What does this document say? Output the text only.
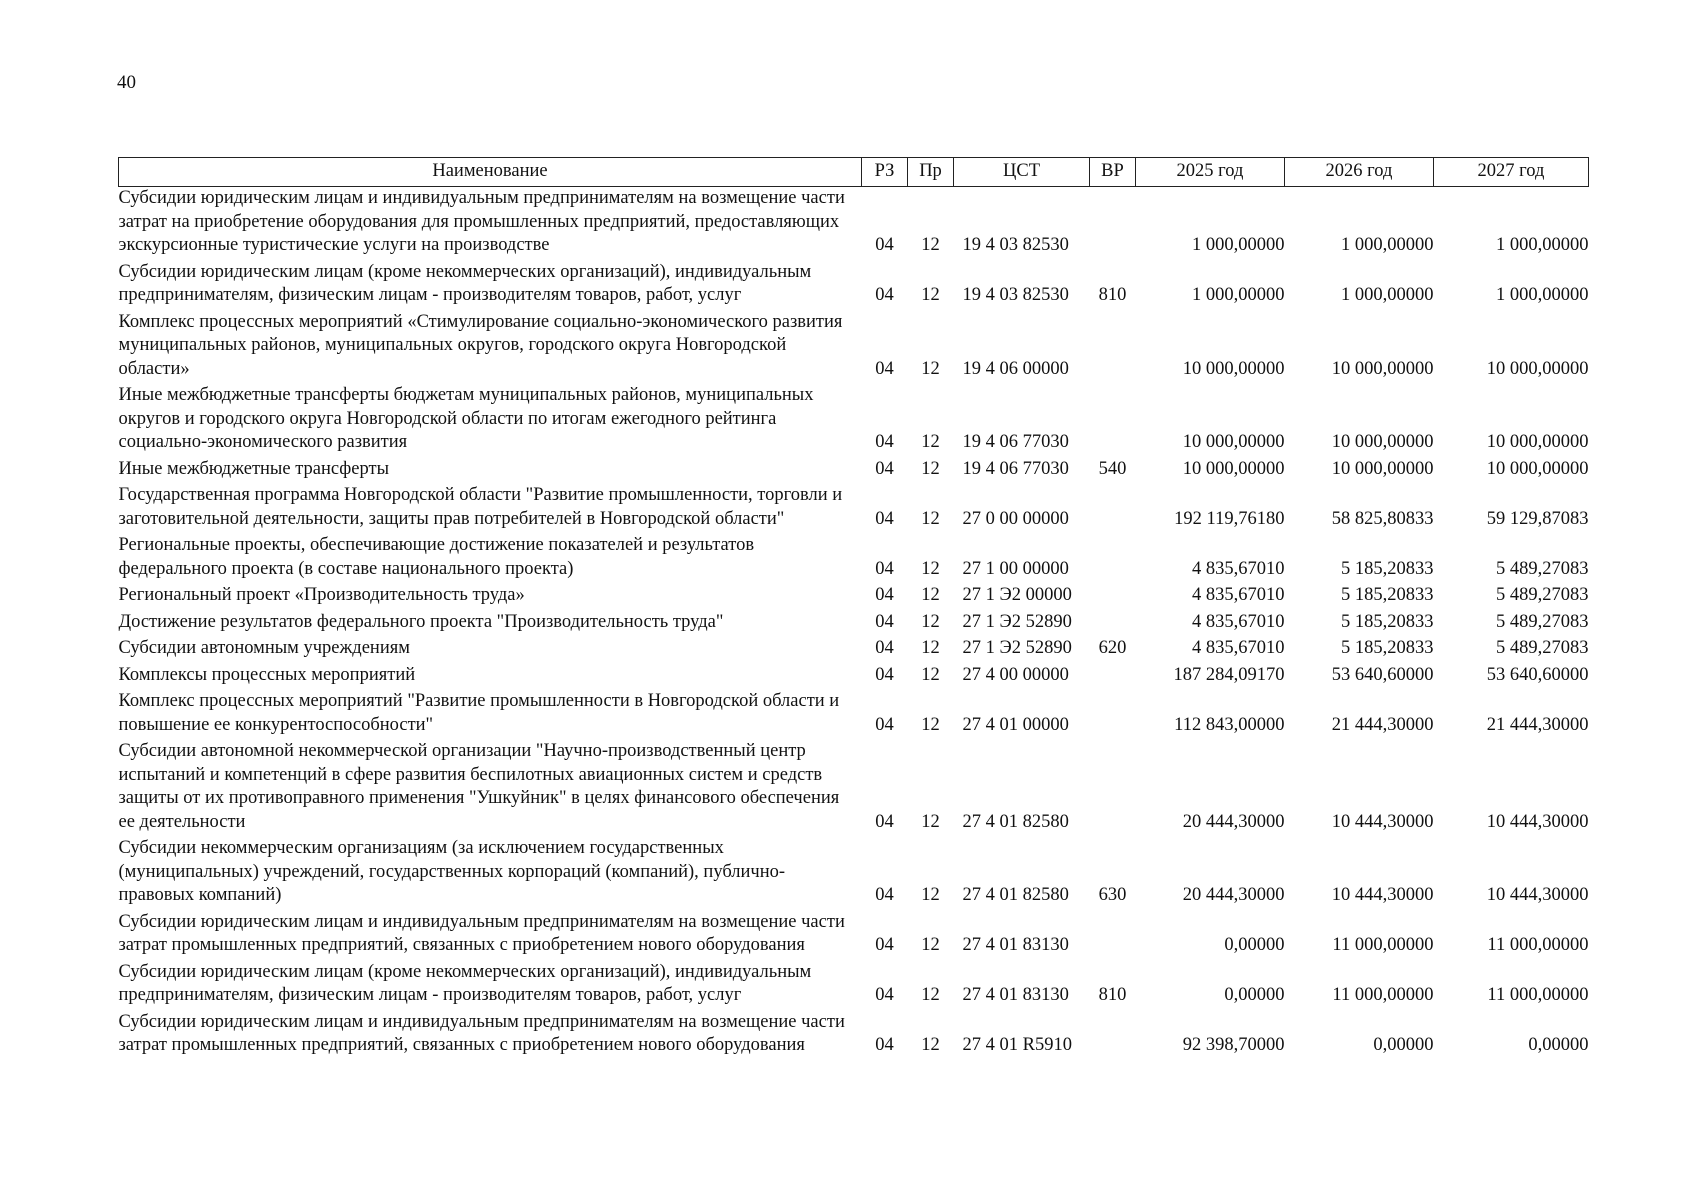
40
Наименование	РЗ	Пр	ЦСТ	ВР	2025 год	2026 год	2027 год
Субсидии юридическим лицам и индивидуальным предпринимателям на возмещение части затрат на приобретение оборудования для промышленных предприятий, предоставляющих экскурсионные туристические услуги на производстве	04	12	19 4 03 82530		1 000,00000	1 000,00000	1 000,00000
Субсидии юридическим лицам (кроме некоммерческих организаций), индивидуальным предпринимателям, физическим лицам - производителям товаров, работ, услуг	04	12	19 4 03 82530	810	1 000,00000	1 000,00000	1 000,00000
Комплекс процессных мероприятий «Стимулирование социально-экономического развития муниципальных районов, муниципальных округов, городского округа Новгородской области»	04	12	19 4 06 00000		10 000,00000	10 000,00000	10 000,00000
Иные межбюджетные трансферты бюджетам муниципальных районов, муниципальных округов и городского округа Новгородской области по итогам ежегодного рейтинга социально-экономического развития	04	12	19 4 06 77030		10 000,00000	10 000,00000	10 000,00000
Иные межбюджетные трансферты	04	12	19 4 06 77030	540	10 000,00000	10 000,00000	10 000,00000
Государственная программа Новгородской области "Развитие промышленности, торговли и заготовительной деятельности, защиты прав потребителей в Новгородской области"	04	12	27 0 00 00000		192 119,76180	58 825,80833	59 129,87083
Региональные проекты, обеспечивающие достижение показателей и результатов федерального проекта (в составе национального проекта)	04	12	27 1 00 00000		4 835,67010	5 185,20833	5 489,27083
Региональный проект «Производительность труда»	04	12	27 1 Э2 00000		4 835,67010	5 185,20833	5 489,27083
Достижение результатов федерального проекта "Производительность труда"	04	12	27 1 Э2 52890		4 835,67010	5 185,20833	5 489,27083
Субсидии автономным учреждениям	04	12	27 1 Э2 52890	620	4 835,67010	5 185,20833	5 489,27083
Комплексы процессных мероприятий	04	12	27 4 00 00000		187 284,09170	53 640,60000	53 640,60000
Комплекс процессных мероприятий "Развитие промышленности в Новгородской области и повышение ее конкурентоспособности"	04	12	27 4 01 00000		112 843,00000	21 444,30000	21 444,30000
Субсидии автономной некоммерческой организации "Научно-производственный центр испытаний и компетенций в сфере развития беспилотных авиационных систем и средств защиты от их противоправного применения "Ушкуйник" в целях финансового обеспечения ее деятельности	04	12	27 4 01 82580		20 444,30000	10 444,30000	10 444,30000
Субсидии некоммерческим организациям (за исключением государственных (муниципальных) учреждений, государственных корпораций (компаний), публично-правовых компаний)	04	12	27 4 01 82580	630	20 444,30000	10 444,30000	10 444,30000
Субсидии юридическим лицам и индивидуальным предпринимателям на возмещение части затрат промышленных предприятий, связанных с приобретением нового оборудования	04	12	27 4 01 83130		0,00000	11 000,00000	11 000,00000
Субсидии юридическим лицам (кроме некоммерческих организаций), индивидуальным предпринимателям, физическим лицам - производителям товаров, работ, услуг	04	12	27 4 01 83130	810	0,00000	11 000,00000	11 000,00000
Субсидии юридическим лицам и индивидуальным предпринимателям на возмещение части затрат промышленных предприятий, связанных с приобретением нового оборудования	04	12	27 4 01 R5910		92 398,70000	0,00000	0,00000
